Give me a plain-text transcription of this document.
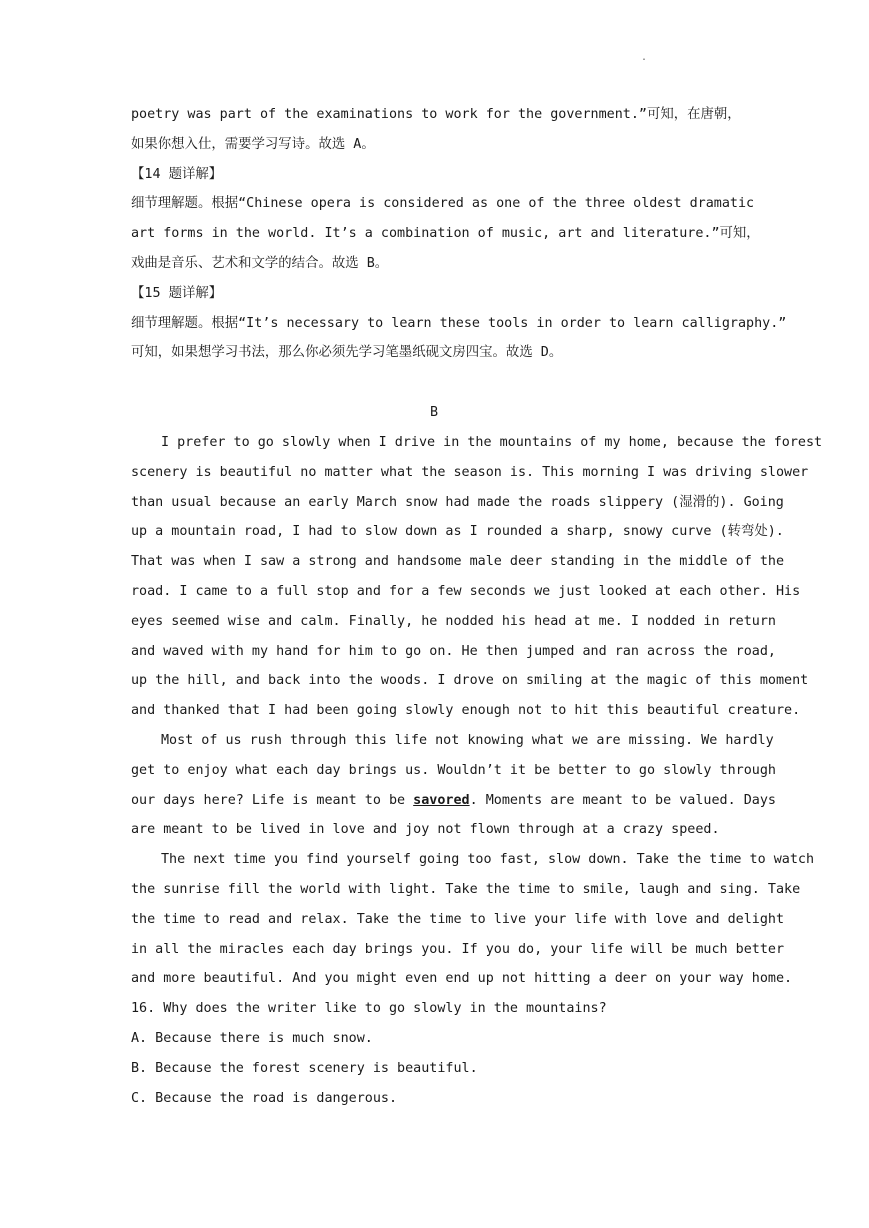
.
poetry was part of the examinations to work for the government.”可知，在唐朝，
如果你想入仕，需要学习写诗。故选 A。
【14 题详解】
细节理解题。根据“Chinese opera is considered as one of the three oldest dramatic
art forms in the world. It’s a combination of music, art and literature.”可知，
戏曲是音乐、艺术和文学的结合。故选 B。
【15 题详解】
细节理解题。根据“It’s necessary to learn these tools in order to learn calligraphy.”
可知，如果想学习书法，那么你必须先学习笔墨纸砚文房四宝。故选 D。
B
I prefer to go slowly when I drive in the mountains of my home, because the forest
scenery is beautiful no matter what the season is. This morning I was driving slower
than usual because an early March snow had made the roads slippery (湿滑的). Going
up a mountain road, I had to slow down as I rounded a sharp, snowy curve (转弯处).
That was when I saw a strong and handsome male deer standing in the middle of the
road. I came to a full stop and for a few seconds we just looked at each other. His
eyes seemed wise and calm. Finally, he nodded his head at me. I nodded in return
and waved with my hand for him to go on. He then jumped and ran across the road,
up the hill, and back into the woods. I drove on smiling at the magic of this moment
and thanked that I had been going slowly enough not to hit this beautiful creature.
Most of us rush through this life not knowing what we are missing. We hardly
get to enjoy what each day brings us. Wouldn’t it be better to go slowly through
our days here? Life is meant to be savored. Moments are meant to be valued. Days
are meant to be lived in love and joy not flown through at a crazy speed.
The next time you find yourself going too fast, slow down. Take the time to watch
the sunrise fill the world with light. Take the time to smile, laugh and sing. Take
the time to read and relax. Take the time to live your life with love and delight
in all the miracles each day brings you. If you do, your life will be much better
and more beautiful. And you might even end up not hitting a deer on your way home.
16. Why does the writer like to go slowly in the mountains?
A. Because there is much snow.
B. Because the forest scenery is beautiful.
C. Because the road is dangerous.
